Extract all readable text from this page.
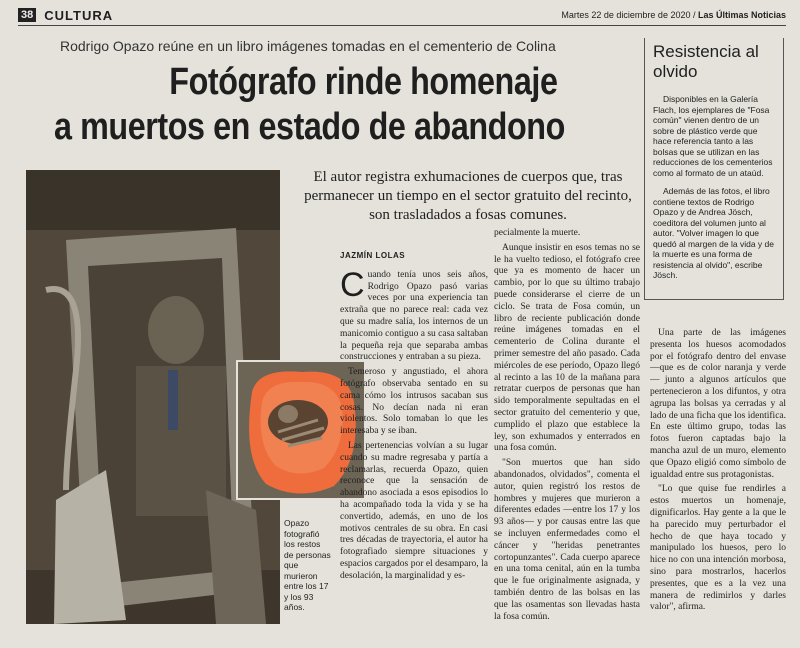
38 CULTURA	Martes 22 de diciembre de 2020 / Las Últimas Noticias
Rodrigo Opazo reúne en un libro imágenes tomadas en el cementerio de Colina
Fotógrafo rinde homenaje
a muertos en estado de abandono
El autor registra exhumaciones de cuerpos que, tras permanecer un tiempo en el sector gratuito del recinto, son trasladados a fosas comunes.
Resistencia al olvido

Disponibles en la Galería Flach, los ejemplares de "Fosa común" vienen dentro de un sobre de plástico verde que hace referencia tanto a las bolsas que se utilizan en las reducciones de los cementerios como al formato de un ataúd.

Además de las fotos, el libro contiene textos de Rodrigo Opazo y de Andrea Jösch, coeditora del volumen junto al autor. "Volver imagen lo que quedó al margen de la vida y de la muerte es una forma de resistencia al olvido", escribe Jösch.

Opazo fotografió los restos de personas que murieron entre los 17 y los 93 años.
JAZMÍN LOLAS

Cuando tenía unos seis años, Rodrigo Opazo pasó varias veces por una experiencia tan extraña que no parece real: cada vez que su madre salía, los internos de un manicomio contiguo a su casa saltaban la pequeña reja que separaba ambas construcciones y entraban a su pieza.

Temeroso y angustiado, el ahora fotógrafo observaba sentado en su cama cómo los intrusos sacaban sus cosas. No decían nada ni eran violentos. Solo tomaban lo que les interesaba y se iban.

Las pertenencias volvían a su lugar cuando su madre regresaba y partía a reclamarlas, recuerda Opazo, quien reconoce que la sensación de abandono asociada a esos episodios lo ha acompañado toda la vida y se ha convertido, además, en uno de los motivos centrales de su obra. En casi tres décadas de trayectoria, el autor ha fotografiado siempre situaciones y espacios cargados por el desamparo, la desolación, la marginalidad y es-

pecialmente la muerte.

Aunque insistir en esos temas no se le ha vuelto tedioso, el fotógrafo cree que ya es momento de hacer un cambio, por lo que su último trabajo puede considerarse el cierre de un ciclo. Se trata de Fosa común, un libro de reciente publicación donde reúne imágenes tomadas en el cementerio de Colina durante el primer semestre del año pasado. Cada miércoles de ese período, Opazo llegó al recinto a las 10 de la mañana para retratar cuerpos de personas que han sido temporalmente sepultadas en el sector gratuito del cementerio y que, cumplido el plazo que establece la ley, son exhumados y enterrados en una fosa común.

"Son muertos que han sido abandonados, olvidados", comenta el autor, quien registró los restos de hombres y mujeres que murieron a diferentes edades —entre los 17 y los 93 años— y por causas entre las que se incluyen enfermedades como el cáncer y "heridas penetrantes cortopunzantes". Cada cuerpo aparece en una toma cenital, aún en la tumba que le fue originalmente asignada, y también dentro de las bolsas en las que las osamentas son llevadas hasta la fosa común.

Una parte de las imágenes presenta los huesos acomodados por el fotógrafo dentro del envase —que es de color naranja y verde— junto a algunos artículos que pertenecieron a los difuntos, y otra agrupa las bolsas ya cerradas y al lado de una ficha que los identifica. En este último grupo, todas las fotos fueron captadas bajo la mancha azul de un muro, elemento que Opazo eligió como símbolo de igualdad entre sus protagonistas.

"Lo que quise fue rendirles a estos muertos un homenaje, dignificarlos. Hay gente a la que le ha parecido muy perturbador el hecho de que haya tocado y manipulado los huesos, pero lo hice no con una intención morbosa, sino para mostrarlos, hacerlos presentes, que es a la vez una manera de redimirlos y darles valor", afirma.
